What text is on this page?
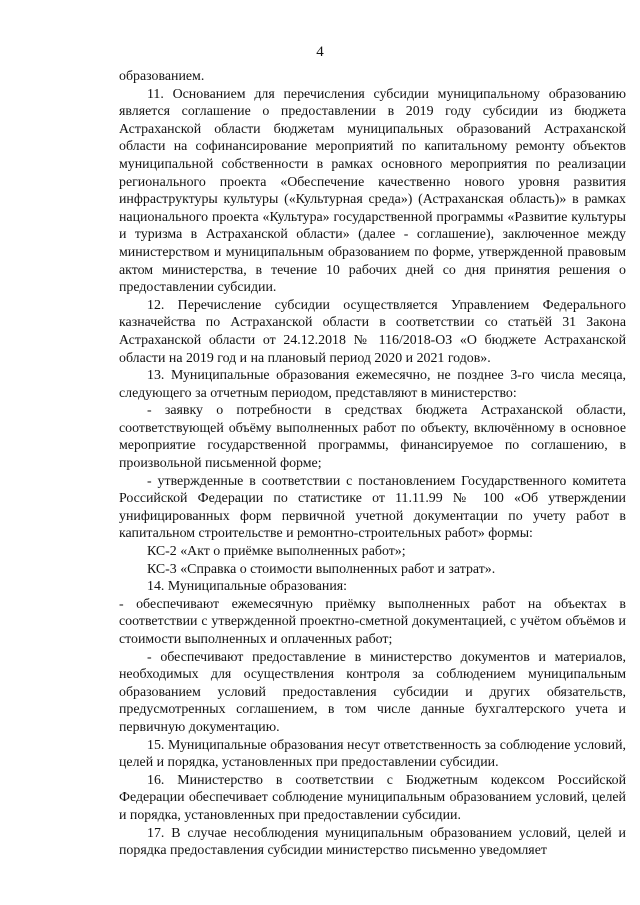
4

образованием.

11. Основанием для перечисления субсидии муниципальному образованию является соглашение о предоставлении в 2019 году субсидии из бюджета Астраханской области бюджетам муниципальных образований Астраханской области на софинансирование мероприятий по капитальному ремонту объектов муниципальной собственности в рамках основного мероприятия по реализации регионального проекта «Обеспечение качественно нового уровня развития инфраструктуры культуры («Культурная среда») (Астраханская область)» в рамках национального проекта «Культура» государственной программы «Развитие культуры и туризма в Астраханской области» (далее - соглашение), заключенное между министерством и муниципальным образованием по форме, утвержденной правовым актом министерства, в течение 10 рабочих дней со дня принятия решения о предоставлении субсидии.

12. Перечисление субсидии осуществляется Управлением Федерального казначейства по Астраханской области в соответствии со статьёй 31 Закона Астраханской области от 24.12.2018 № 116/2018-ОЗ «О бюджете Астраханской области на 2019 год и на плановый период 2020 и 2021 годов».

13. Муниципальные образования ежемесячно, не позднее 3-го числа месяца, следующего за отчетным периодом, представляют в министерство:

- заявку о потребности в средствах бюджета Астраханской области, соответствующей объёму выполненных работ по объекту, включённому в основное мероприятие государственной программы, финансируемое по соглашению, в произвольной письменной форме;

- утвержденные в соответствии с постановлением Государственного комитета Российской Федерации по статистике от 11.11.99 № 100 «Об утверждении унифицированных форм первичной учетной документации по учету работ в капитальном строительстве и ремонтно-строительных работ» формы:

КС-2 «Акт о приёмке выполненных работ»;

КС-3 «Справка о стоимости выполненных работ и затрат».

14. Муниципальные образования:

- обеспечивают ежемесячную приёмку выполненных работ на объектах в соответствии с утвержденной проектно-сметной документацией, с учётом объёмов и стоимости выполненных и оплаченных работ;

- обеспечивают предоставление в министерство документов и материалов, необходимых для осуществления контроля за соблюдением муниципальным образованием условий предоставления субсидии и других обязательств, предусмотренных соглашением, в том числе данные бухгалтерского учета и первичную документацию.

15. Муниципальные образования несут ответственность за соблюдение условий, целей и порядка, установленных при предоставлении субсидии.

16. Министерство в соответствии с Бюджетным кодексом Российской Федерации обеспечивает соблюдение муниципальным образованием условий, целей и порядка, установленных при предоставлении субсидии.

17. В случае несоблюдения муниципальным образованием условий, целей и порядка предоставления субсидии министерство письменно уведомляет
